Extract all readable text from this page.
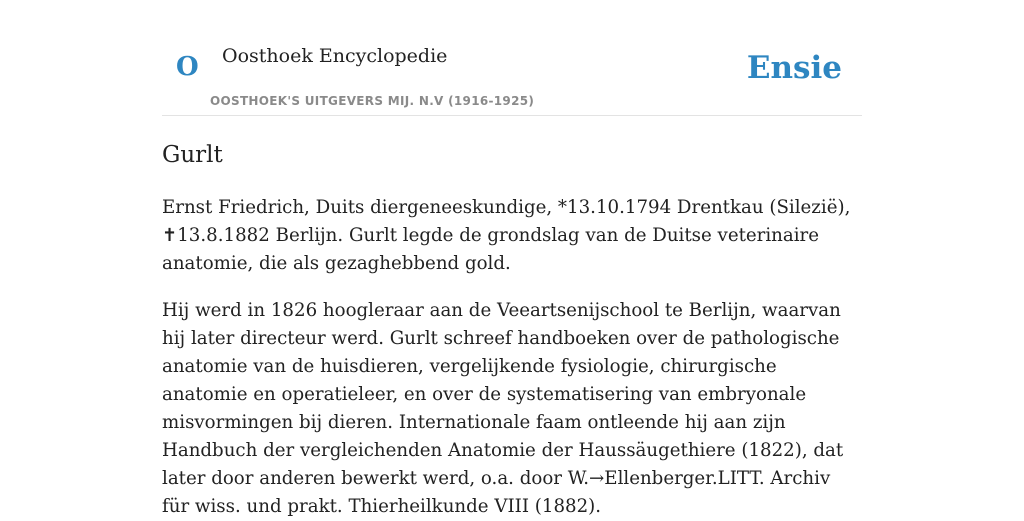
O Oosthoek Encyclopedie
OOSTHOEK'S UITGEVERS MIJ. N.V (1916-1925)
Ensie
Gurlt

Ernst Friedrich, Duits diergeneeskundige, *13.10.1794 Drentkau (Silezië), ✝13.8.1882 Berlijn. Gurlt legde de grondslag van de Duitse veterinaire anatomie, die als gezaghebbend gold.

Hij werd in 1826 hoogleraar aan de Veeartsenijschool te Berlijn, waarvan hij later directeur werd. Gurlt schreef handboeken over de pathologische anatomie van de huisdieren, vergelijkende fysiologie, chirurgische anatomie en operatieleer, en over de systematisering van embryonale misvormingen bij dieren. Internationale faam ontleende hij aan zijn Handbuch der vergleichenden Anatomie der Haussäugethiere (1822), dat later door anderen bewerkt werd, o.a. door W.→Ellenberger.LITT. Archiv für wiss. und prakt. Thierheilkunde VIII (1882).
